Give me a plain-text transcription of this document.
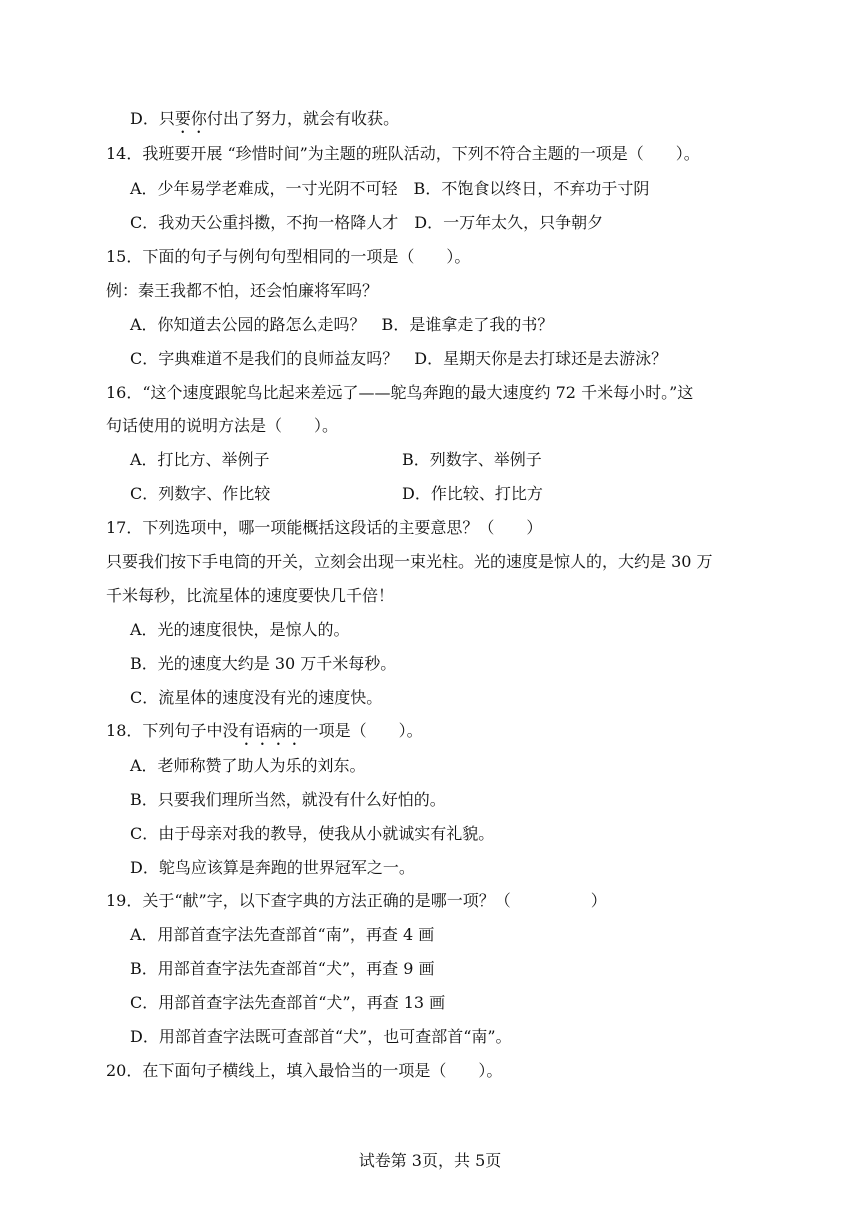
D．只要你付出了努力，就会有收获。
14．我班要开展 “珍惜时间”为主题的班队活动，下列不符合主题的一项是（　　）。
A．少年易学老难成，一寸光阴不可轻　B．不饱食以终日，不弃功于寸阴
C．我劝天公重抖擞，不拘一格降人才　D．一万年太久，只争朝夕
15．下面的句子与例句句型相同的一项是（　　）。
例：秦王我都不怕，还会怕廉将军吗？
A．你知道去公园的路怎么走吗？　B．是谁拿走了我的书？
C．字典难道不是我们的良师益友吗？　D．星期天你是去打球还是去游泳？
16．“这个速度跟鸵鸟比起来差远了——鸵鸟奔跑的最大速度约 72 千米每小时。”这
句话使用的说明方法是（　　）。
A．打比方、举例子	B．列数字、举例子
C．列数字、作比较	D．作比较、打比方
17．下列选项中，哪一项能概括这段话的主要意思？（　　）
只要我们按下手电筒的开关，立刻会出现一束光柱。光的速度是惊人的，大约是 30 万
千米每秒，比流星体的速度要快几千倍！
A．光的速度很快，是惊人的。
B．光的速度大约是 30 万千米每秒。
C．流星体的速度没有光的速度快。
18．下列句子中没有语病的一项是（　　 ）。
A．老师称赞了助人为乐的刘东。
B．只要我们理所当然，就没有什么好怕的。
C．由于母亲对我的教导，使我从小就诚实有礼貌。
D．鸵鸟应该算是奔跑的世界冠军之一。
19．关于“献”字，以下查字典的方法正确的是哪一项？（　　　　　）
A．用部首查字法先查部首“南”，再查 4 画
B．用部首查字法先查部首“犬”，再查 9 画
C．用部首查字法先查部首“犬”，再查 13 画
D．用部首查字法既可查部首“犬”，也可查部首“南”。
20．在下面句子横线上，填入最恰当的一项是（　　）。
试卷第 3页，共 5页
